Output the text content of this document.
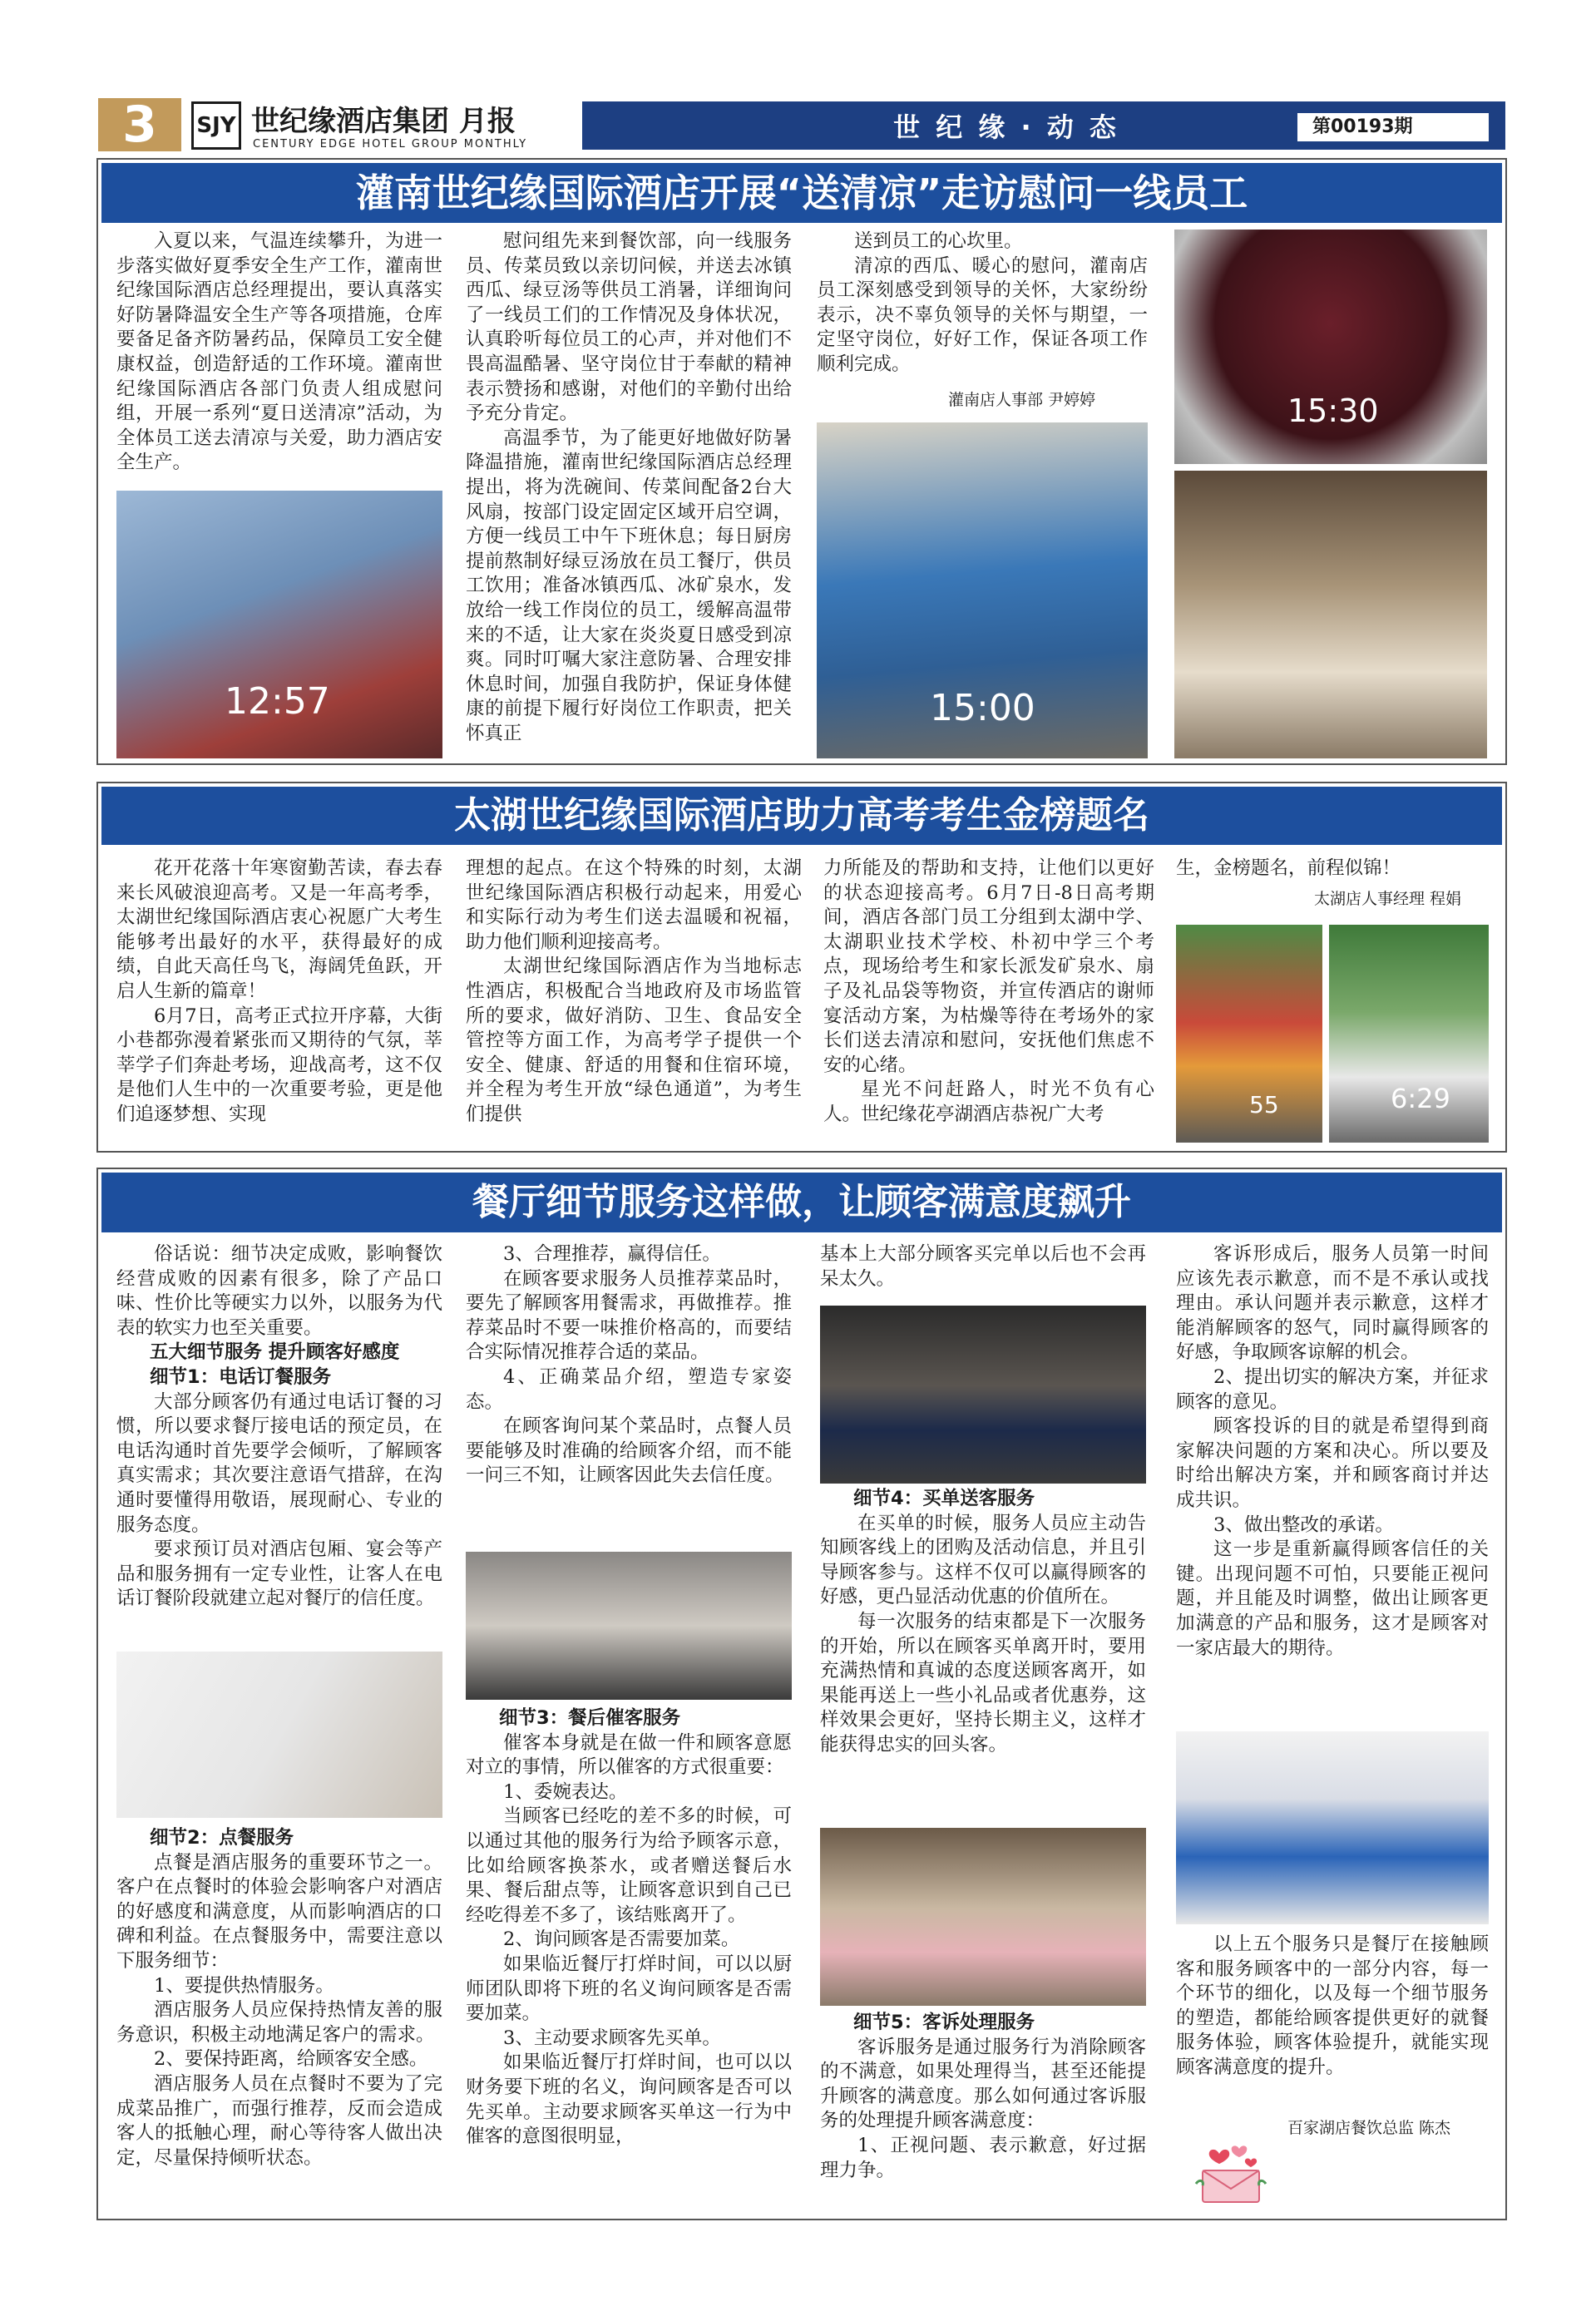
3	SJY 世纪缘酒店集团 月报
CENTURY EDGE HOTEL GROUP MONTHLY
世 纪 缘 · 动 态	第00193期
灌南世纪缘国际酒店开展“送清凉”走访慰问一线员工

入夏以来，气温连续攀升，为进一步落实做好夏季安全生产工作，灌南世纪缘国际酒店总经理提出，要认真落实好防暑降温安全生产等各项措施，仓库要备足备齐防暑药品，保障员工安全健康权益，创造舒适的工作环境。灌南世纪缘国际酒店各部门负责人组成慰问组，开展一系列“夏日送清凉”活动，为全体员工送去清凉与关爱，助力酒店安全生产。

12:57

慰问组先来到餐饮部，向一线服务员、传菜员致以亲切问候，并送去冰镇西瓜、绿豆汤等供员工消暑，详细询问了一线员工们的工作情况及身体状况，认真聆听每位员工的心声，并对他们不畏高温酷暑、坚守岗位甘于奉献的精神表示赞扬和感谢，对他们的辛勤付出给予充分肯定。

高温季节，为了能更好地做好防暑降温措施，灌南世纪缘国际酒店总经理提出，将为洗碗间、传菜间配备2台大风扇，按部门设定固定区域开启空调，方便一线员工中午下班休息；每日厨房提前熬制好绿豆汤放在员工餐厅，供员工饮用；准备冰镇西瓜、冰矿泉水，发放给一线工作岗位的员工，缓解高温带来的不适，让大家在炎炎夏日感受到凉爽。同时叮嘱大家注意防暑、合理安排休息时间，加强自我防护，保证身体健康的前提下履行好岗位工作职责，把关怀真正

送到员工的心坎里。

清凉的西瓜、暖心的慰问，灌南店员工深刻感受到领导的关怀，大家纷纷表示，决不辜负领导的关怀与期望，一定坚守岗位，好好工作，保证各项工作顺利完成。

灌南店人事部 尹婷婷
15:00
15:30
太湖世纪缘国际酒店助力高考考生金榜题名

花开花落十年寒窗勤苦读，春去春来长风破浪迎高考。又是一年高考季，太湖世纪缘国际酒店衷心祝愿广大考生能够考出最好的水平，获得最好的成绩，自此天高任鸟飞，海阔凭鱼跃，开启人生新的篇章！

6月7日，高考正式拉开序幕，大街小巷都弥漫着紧张而又期待的气氛，莘莘学子们奔赴考场，迎战高考，这不仅是他们人生中的一次重要考验，更是他们追逐梦想、实现

理想的起点。在这个特殊的时刻，太湖世纪缘国际酒店积极行动起来，用爱心和实际行动为考生们送去温暖和祝福，助力他们顺利迎接高考。

太湖世纪缘国际酒店作为当地标志性酒店，积极配合当地政府及市场监管所的要求，做好消防、卫生、食品安全管控等方面工作，为高考学子提供一个安全、健康、舒适的用餐和住宿环境，并全程为考生开放“绿色通道”，为考生们提供

力所能及的帮助和支持，让他们以更好的状态迎接高考。6月7日-8日高考期间，酒店各部门员工分组到太湖中学、太湖职业技术学校、朴初中学三个考点，现场给考生和家长派发矿泉水、扇子及礼品袋等物资，并宣传酒店的谢师宴活动方案，为枯燥等待在考场外的家长们送去清凉和慰问，安抚他们焦虑不安的心绪。

星光不问赶路人，时光不负有心人。世纪缘花亭湖酒店恭祝广大考

生，金榜题名，前程似锦！

太湖店人事经理 程娟
55	6:29
餐厅细节服务这样做，让顾客满意度飙升

俗话说：细节决定成败，影响餐饮经营成败的因素有很多，除了产品口味、性价比等硬实力以外，以服务为代表的软实力也至关重要。

五大细节服务 提升顾客好感度

细节1：电话订餐服务

大部分顾客仍有通过电话订餐的习惯，所以要求餐厅接电话的预定员，在电话沟通时首先要学会倾听，了解顾客真实需求；其次要注意语气措辞，在沟通时要懂得用敬语，展现耐心、专业的服务态度。

要求预订员对酒店包厢、宴会等产品和服务拥有一定专业性，让客人在电话订餐阶段就建立起对餐厅的信任度。

细节2：点餐服务

点餐是酒店服务的重要环节之一。客户在点餐时的体验会影响客户对酒店的好感度和满意度，从而影响酒店的口碑和利益。在点餐服务中，需要注意以下服务细节：

1、要提供热情服务。

酒店服务人员应保持热情友善的服务意识，积极主动地满足客户的需求。

2、要保持距离，给顾客安全感。

酒店服务人员在点餐时不要为了完成菜品推广，而强行推荐，反而会造成客人的抵触心理，耐心等待客人做出决定，尽量保持倾听状态。

3、合理推荐，赢得信任。

在顾客要求服务人员推荐菜品时，要先了解顾客用餐需求，再做推荐。推荐菜品时不要一味推价格高的，而要结合实际情况推荐合适的菜品。

4、正确菜品介绍，塑造专家姿态。

在顾客询问某个菜品时，点餐人员要能够及时准确的给顾客介绍，而不能一问三不知，让顾客因此失去信任度。

细节3：餐后催客服务

催客本身就是在做一件和顾客意愿对立的事情，所以催客的方式很重要：

1、委婉表达。

当顾客已经吃的差不多的时候，可以通过其他的服务行为给予顾客示意，比如给顾客换茶水，或者赠送餐后水果、餐后甜点等，让顾客意识到自己已经吃得差不多了，该结账离开了。

2、询问顾客是否需要加菜。

如果临近餐厅打烊时间，可以以厨师团队即将下班的名义询问顾客是否需要加菜。

3、主动要求顾客先买单。

如果临近餐厅打烊时间，也可以以财务要下班的名义，询问顾客是否可以先买单。主动要求顾客买单这一行为中催客的意图很明显，

基本上大部分顾客买完单以后也不会再呆太久。

细节4：买单送客服务

在买单的时候，服务人员应主动告知顾客线上的团购及活动信息，并且引导顾客参与。这样不仅可以赢得顾客的好感，更凸显活动优惠的价值所在。

每一次服务的结束都是下一次服务的开始，所以在顾客买单离开时，要用充满热情和真诚的态度送顾客离开，如果能再送上一些小礼品或者优惠券，这样效果会更好，坚持长期主义，这样才能获得忠实的回头客。

细节5：客诉处理服务

客诉服务是通过服务行为消除顾客的不满意，如果处理得当，甚至还能提升顾客的满意度。那么如何通过客诉服务的处理提升顾客满意度：

1、正视问题、表示歉意，好过据理力争。

客诉形成后，服务人员第一时间应该先表示歉意，而不是不承认或找理由。承认问题并表示歉意，这样才能消解顾客的怒气，同时赢得顾客的好感，争取顾客谅解的机会。

2、提出切实的解决方案，并征求顾客的意见。

顾客投诉的目的就是希望得到商家解决问题的方案和决心。所以要及时给出解决方案，并和顾客商讨并达成共识。

3、做出整改的承诺。

这一步是重新赢得顾客信任的关键。出现问题不可怕，只要能正视问题，并且能及时调整，做出让顾客更加满意的产品和服务，这才是顾客对一家店最大的期待。

以上五个服务只是餐厅在接触顾客和服务顾客中的一部分内容，每一个环节的细化，以及每一个细节服务的塑造，都能给顾客提供更好的就餐服务体验，顾客体验提升，就能实现顾客满意度的提升。

百家湖店餐饮总监 陈杰
